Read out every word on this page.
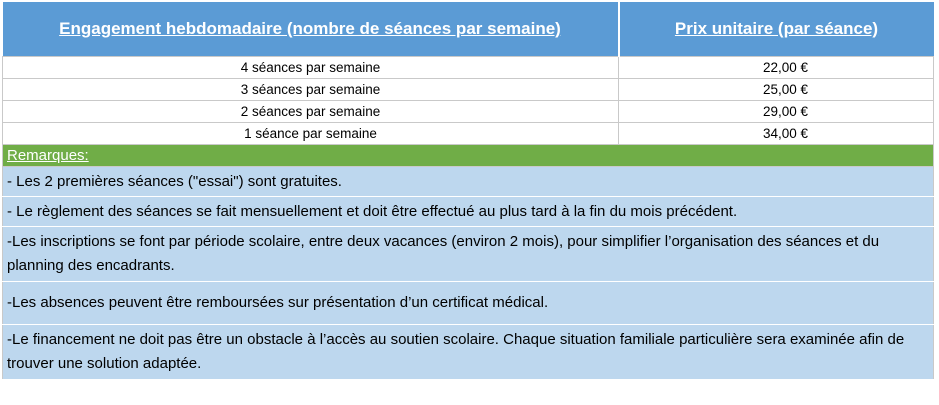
Engagement hebdomadaire (nombre de séances par semaine)	Prix unitaire (par séance)
4 séances par semaine	22,00 €
3 séances par semaine	25,00 €
2 séances par semaine	29,00 €
1 séance par semaine	34,00 €
Remarques:	
- Les 2 premières séances ("essai") sont gratuites.	
- Le règlement des séances se fait mensuellement et doit être effectué au plus tard à la fin du mois précédent.	
-Les inscriptions se font par période scolaire, entre deux vacances (environ 2 mois), pour simplifier l’organisation des séances et du planning des encadrants.	
-Les absences peuvent être remboursées sur présentation d’un certificat médical.	
-Le financement ne doit pas être un obstacle à l’accès au soutien scolaire. Chaque situation familiale particulière sera examinée afin de trouver une solution adaptée.	
